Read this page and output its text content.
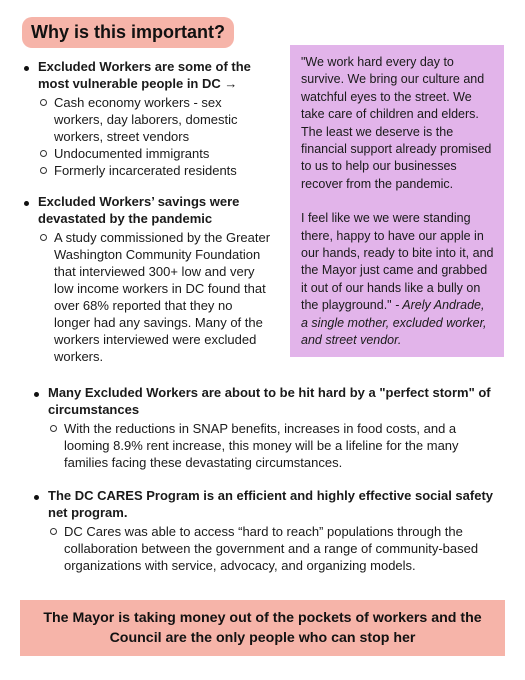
Why is this important?

Excluded Workers are some of the most vulnerable people in DC →

Cash economy workers - sex workers, day laborers, domestic workers, street vendors
Undocumented immigrants
Formerly incarcerated residents

Excluded Workers’ savings were devastated by the pandemic

A study commissioned by the Greater Washington Community Foundation that interviewed 300+ low and very low income workers in DC found that over 68% reported that they no longer had any savings. Many of the workers interviewed were excluded workers.

"We work hard every day to survive. We bring our culture and watchful eyes to the street. We take care of children and elders. The least we deserve is the financial support already promised to us to help our businesses recover from the pandemic.

I feel like we we were standing there, happy to have our apple in our hands, ready to bite into it, and the Mayor just came and grabbed it out of our hands like a bully on the playground." - Arely Andrade, a single mother, excluded worker, and street vendor.

Many Excluded Workers are about to be hit hard by a "perfect storm" of circumstances

With the reductions in SNAP benefits, increases in food costs, and a looming 8.9% rent increase, this money will be a lifeline for the many families facing these devastating circumstances.

The DC CARES Program is an efficient and highly effective social safety net program.

DC Cares was able to access “hard to reach” populations through the collaboration between the government and a range of community-based organizations with service, advocacy, and organizing models.
The Mayor is taking money out of the pockets of workers and the
Council are the only people who can stop her
